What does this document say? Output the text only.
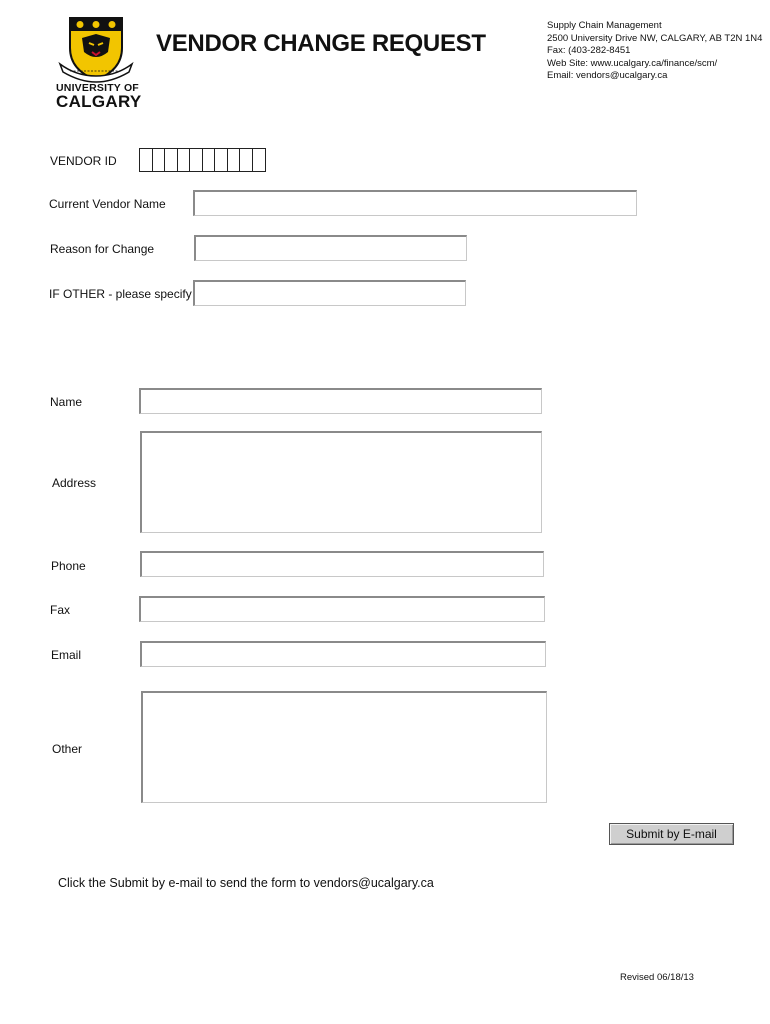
UNIVERSITY OF
CALGARY
VENDOR CHANGE REQUEST
Supply Chain Management
2500 University Drive NW, CALGARY, AB T2N 1N4
Fax: (403-282-8451
Web Site: www.ucalgary.ca/finance/scm/
Email: vendors@ucalgary.ca
VENDOR ID
Current Vendor Name
Reason for Change
IF OTHER - please specify
Name
Address
Phone
Fax
Email
Other
Submit by E-mail
Click the Submit by e-mail to send the form to vendors@ucalgary.ca
Revised 06/18/13
